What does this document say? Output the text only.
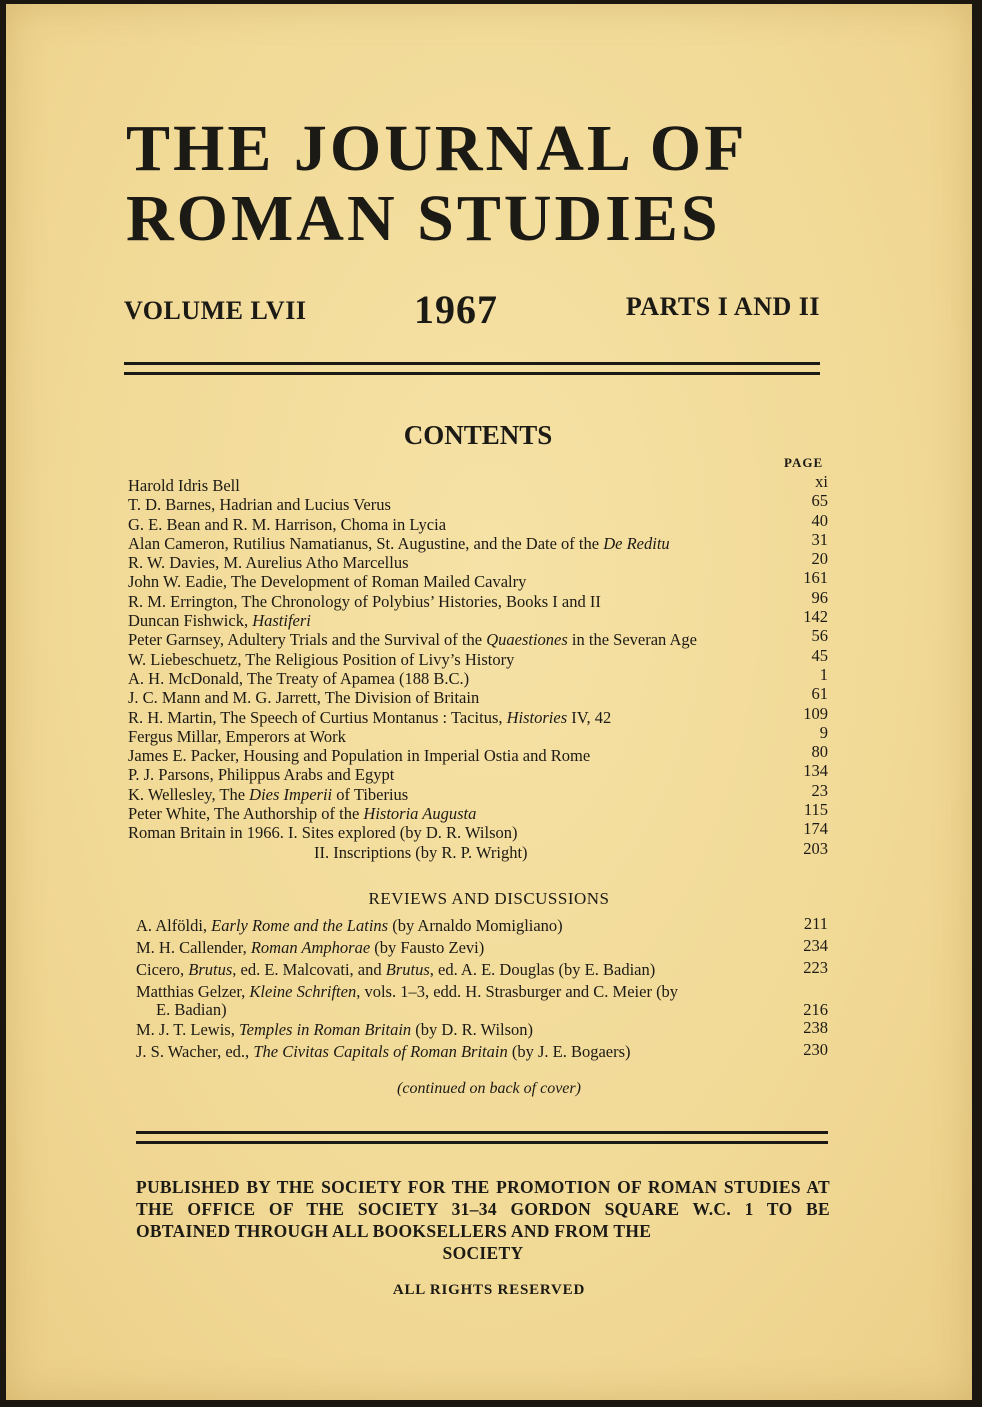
THE JOURNAL OF
ROMAN STUDIES
VOLUME LVII	1967	PARTS I AND II
CONTENTS
PAGE
Harold Idris Bell	xi
T. D. Barnes, Hadrian and Lucius Verus	65
G. E. Bean and R. M. Harrison, Choma in Lycia	40
Alan Cameron, Rutilius Namatianus, St. Augustine, and the Date of the De Reditu	31
R. W. Davies, M. Aurelius Atho Marcellus	20
John W. Eadie, The Development of Roman Mailed Cavalry	161
R. M. Errington, The Chronology of Polybius’ Histories, Books I and II	96
Duncan Fishwick, Hastiferi	142
Peter Garnsey, Adultery Trials and the Survival of the Quaestiones in the Severan Age	56
W. Liebeschuetz, The Religious Position of Livy’s History	45
A. H. McDonald, The Treaty of Apamea (188 B.C.)	1
J. C. Mann and M. G. Jarrett, The Division of Britain	61
R. H. Martin, The Speech of Curtius Montanus : Tacitus, Histories IV, 42	109
Fergus Millar, Emperors at Work	9
James E. Packer, Housing and Population in Imperial Ostia and Rome	80
P. J. Parsons, Philippus Arabs and Egypt	134
K. Wellesley, The Dies Imperii of Tiberius	23
Peter White, The Authorship of the Historia Augusta	115
Roman Britain in 1966. I. Sites explored (by D. R. Wilson)	174
II. Inscriptions (by R. P. Wright)	203
REVIEWS AND DISCUSSIONS
A. Alföldi, Early Rome and the Latins (by Arnaldo Momigliano)	211
M. H. Callender, Roman Amphorae (by Fausto Zevi)	234
Cicero, Brutus, ed. E. Malcovati, and Brutus, ed. A. E. Douglas (by E. Badian)	223
Matthias Gelzer, Kleine Schriften, vols. 1–3, edd. H. Strasburger and C. Meier (by
E. Badian)	216
M. J. T. Lewis, Temples in Roman Britain (by D. R. Wilson)	238
J. S. Wacher, ed., The Civitas Capitals of Roman Britain (by J. E. Bogaers)	230
(continued on back of cover)
PUBLISHED BY THE SOCIETY FOR THE PROMOTION OF ROMAN STUDIES AT THE OFFICE OF THE SOCIETY 31–34 GORDON SQUARE W.C. 1 TO BE OBTAINED THROUGH ALL BOOKSELLERS AND FROM THE
SOCIETY
ALL RIGHTS RESERVED
